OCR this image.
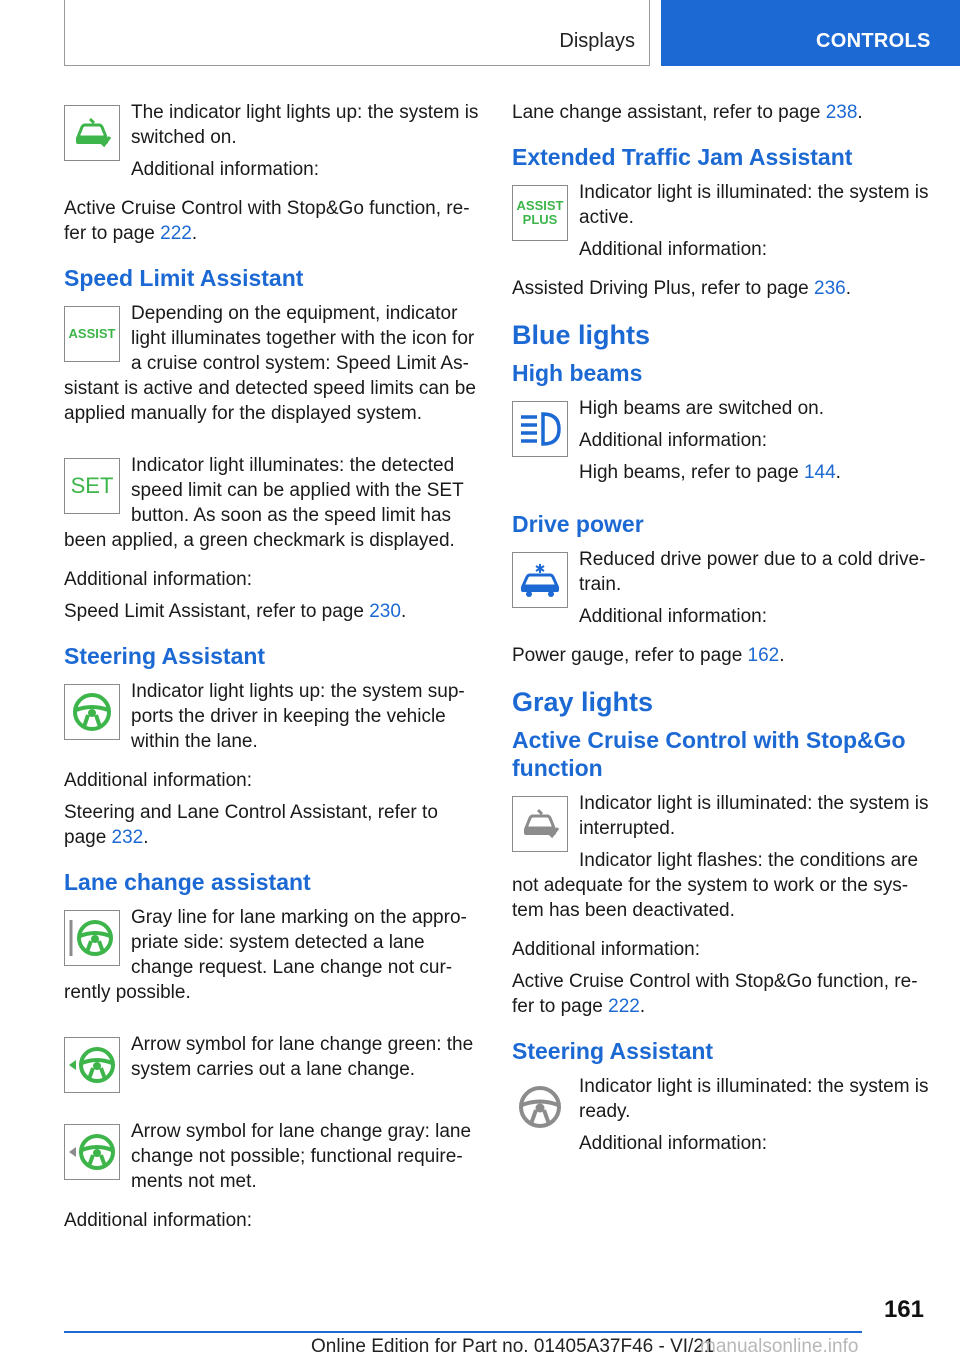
Displays	CONTROLS

The indicator light lights up: the system is switched on.

Additional information:

Active Cruise Control with Stop&Go function, refer to page 222.

Speed Limit Assistant
ASSIST

Depending on the equipment, indicator light illuminates together with the icon for a cruise control system: Speed Limit Assistant is active and detected speed limits can be applied manually for the displayed system.

SET

Indicator light illuminates: the detected speed limit can be applied with the SET button. As soon as the speed limit has been applied, a green checkmark is displayed.

Additional information:

Speed Limit Assistant, refer to page 230.

Steering Assistant

Indicator light lights up: the system supports the driver in keeping the vehicle within the lane.

Additional information:

Steering and Lane Control Assistant, refer to page 232.

Lane change assistant

Gray line for lane marking on the appropriate side: system detected a lane change request. Lane change not currently possible.

Arrow symbol for lane change green: the system carries out a lane change.

Arrow symbol for lane change gray: lane change not possible; functional requirements not met.

Additional information:

Lane change assistant, refer to page 238.

Extended Traffic Jam Assistant
ASSIST
PLUS

Indicator light is illuminated: the system is active.

Additional information:

Assisted Driving Plus, refer to page 236.

Blue lights
High beams

High beams are switched on.

Additional information:

High beams, refer to page 144.

Drive power

Reduced drive power due to a cold drivetrain.

Additional information:

Power gauge, refer to page 162.

Gray lights
Active Cruise Control with Stop&Go function

Indicator light is illuminated: the system is interrupted.

Indicator light flashes: the conditions are not adequate for the system to work or the system has been deactivated.

Additional information:

Active Cruise Control with Stop&Go function, refer to page 222.

Steering Assistant

Indicator light is illuminated: the system is ready.

Additional information:

161
Online Edition for Part no. 01405A37F46 - VI/21
manualsonline.info
